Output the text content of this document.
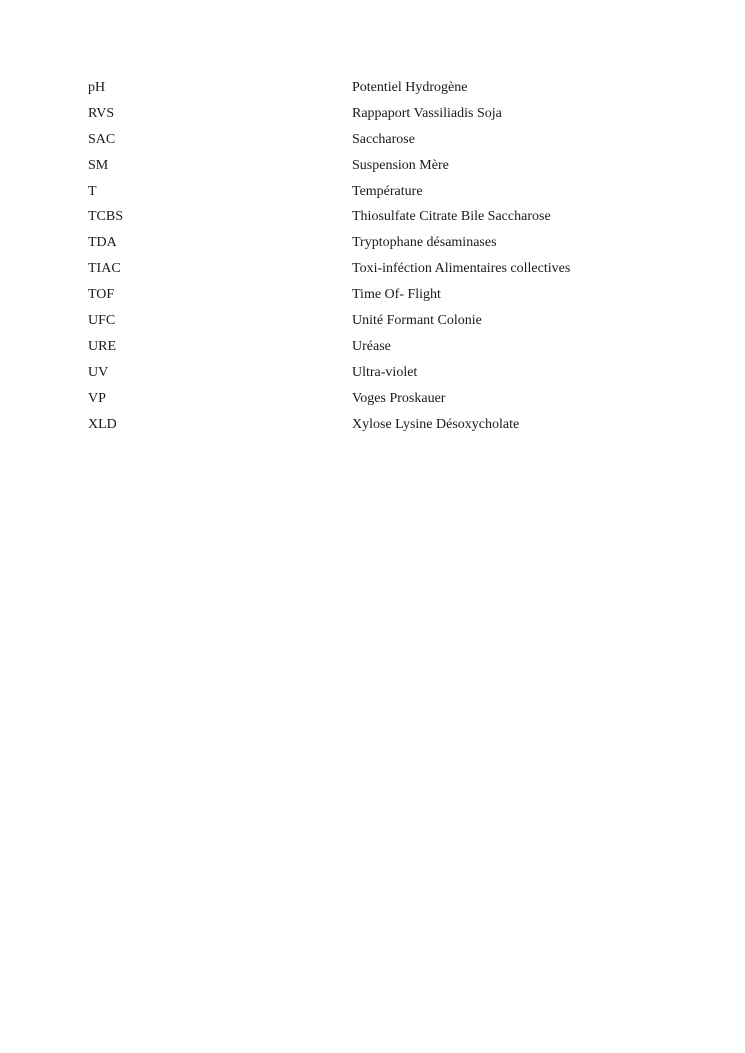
pH	Potentiel Hydrogène
RVS	Rappaport Vassiliadis Soja
SAC	Saccharose
SM	Suspension Mère
T	Température
TCBS	Thiosulfate Citrate Bile Saccharose
TDA	Tryptophane désaminases
TIAC	Toxi-inféction Alimentaires collectives
TOF	Time Of- Flight
UFC	Unité Formant Colonie
URE	Uréase
UV	Ultra-violet
VP	Voges Proskauer
XLD	Xylose Lysine Désoxycholate
